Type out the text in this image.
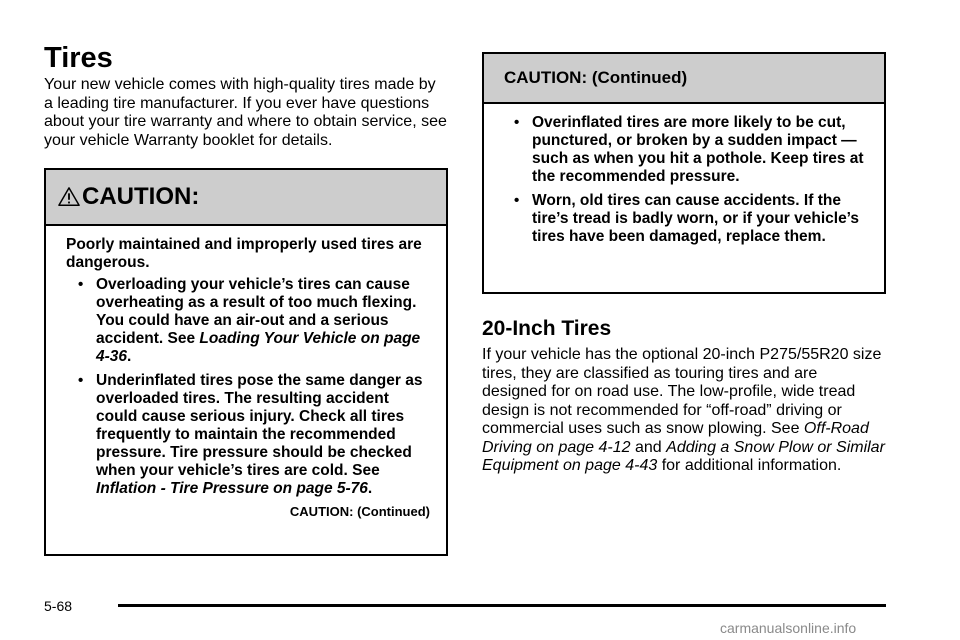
Tires

Your new vehicle comes with high-quality tires made by a leading tire manufacturer. If you ever have questions about your tire warranty and where to obtain service, see your vehicle Warranty booklet for details.

CAUTION:

Poorly maintained and improperly used tires are dangerous.

• Overloading your vehicle’s tires can cause overheating as a result of too much flexing. You could have an air-out and a serious accident. See Loading Your Vehicle on page 4-36.
• Underinflated tires pose the same danger as overloaded tires. The resulting accident could cause serious injury. Check all tires frequently to maintain the recommended pressure. Tire pressure should be checked when your vehicle’s tires are cold. See Inflation - Tire Pressure on page 5-76.
CAUTION: (Continued)
CAUTION: (Continued)
• Overinflated tires are more likely to be cut, punctured, or broken by a sudden impact — such as when you hit a pothole. Keep tires at the recommended pressure.
• Worn, old tires can cause accidents. If the tire’s tread is badly worn, or if your vehicle’s tires have been damaged, replace them.
20-Inch Tires

If your vehicle has the optional 20-inch P275/55R20 size tires, they are classified as touring tires and are designed for on road use. The low-profile, wide tread design is not recommended for “off-road” driving or commercial uses such as snow plowing. See Off-Road Driving on page 4-12 and Adding a Snow Plow or Similar Equipment on page 4-43 for additional information.

5-68
carmanualsonline.info
